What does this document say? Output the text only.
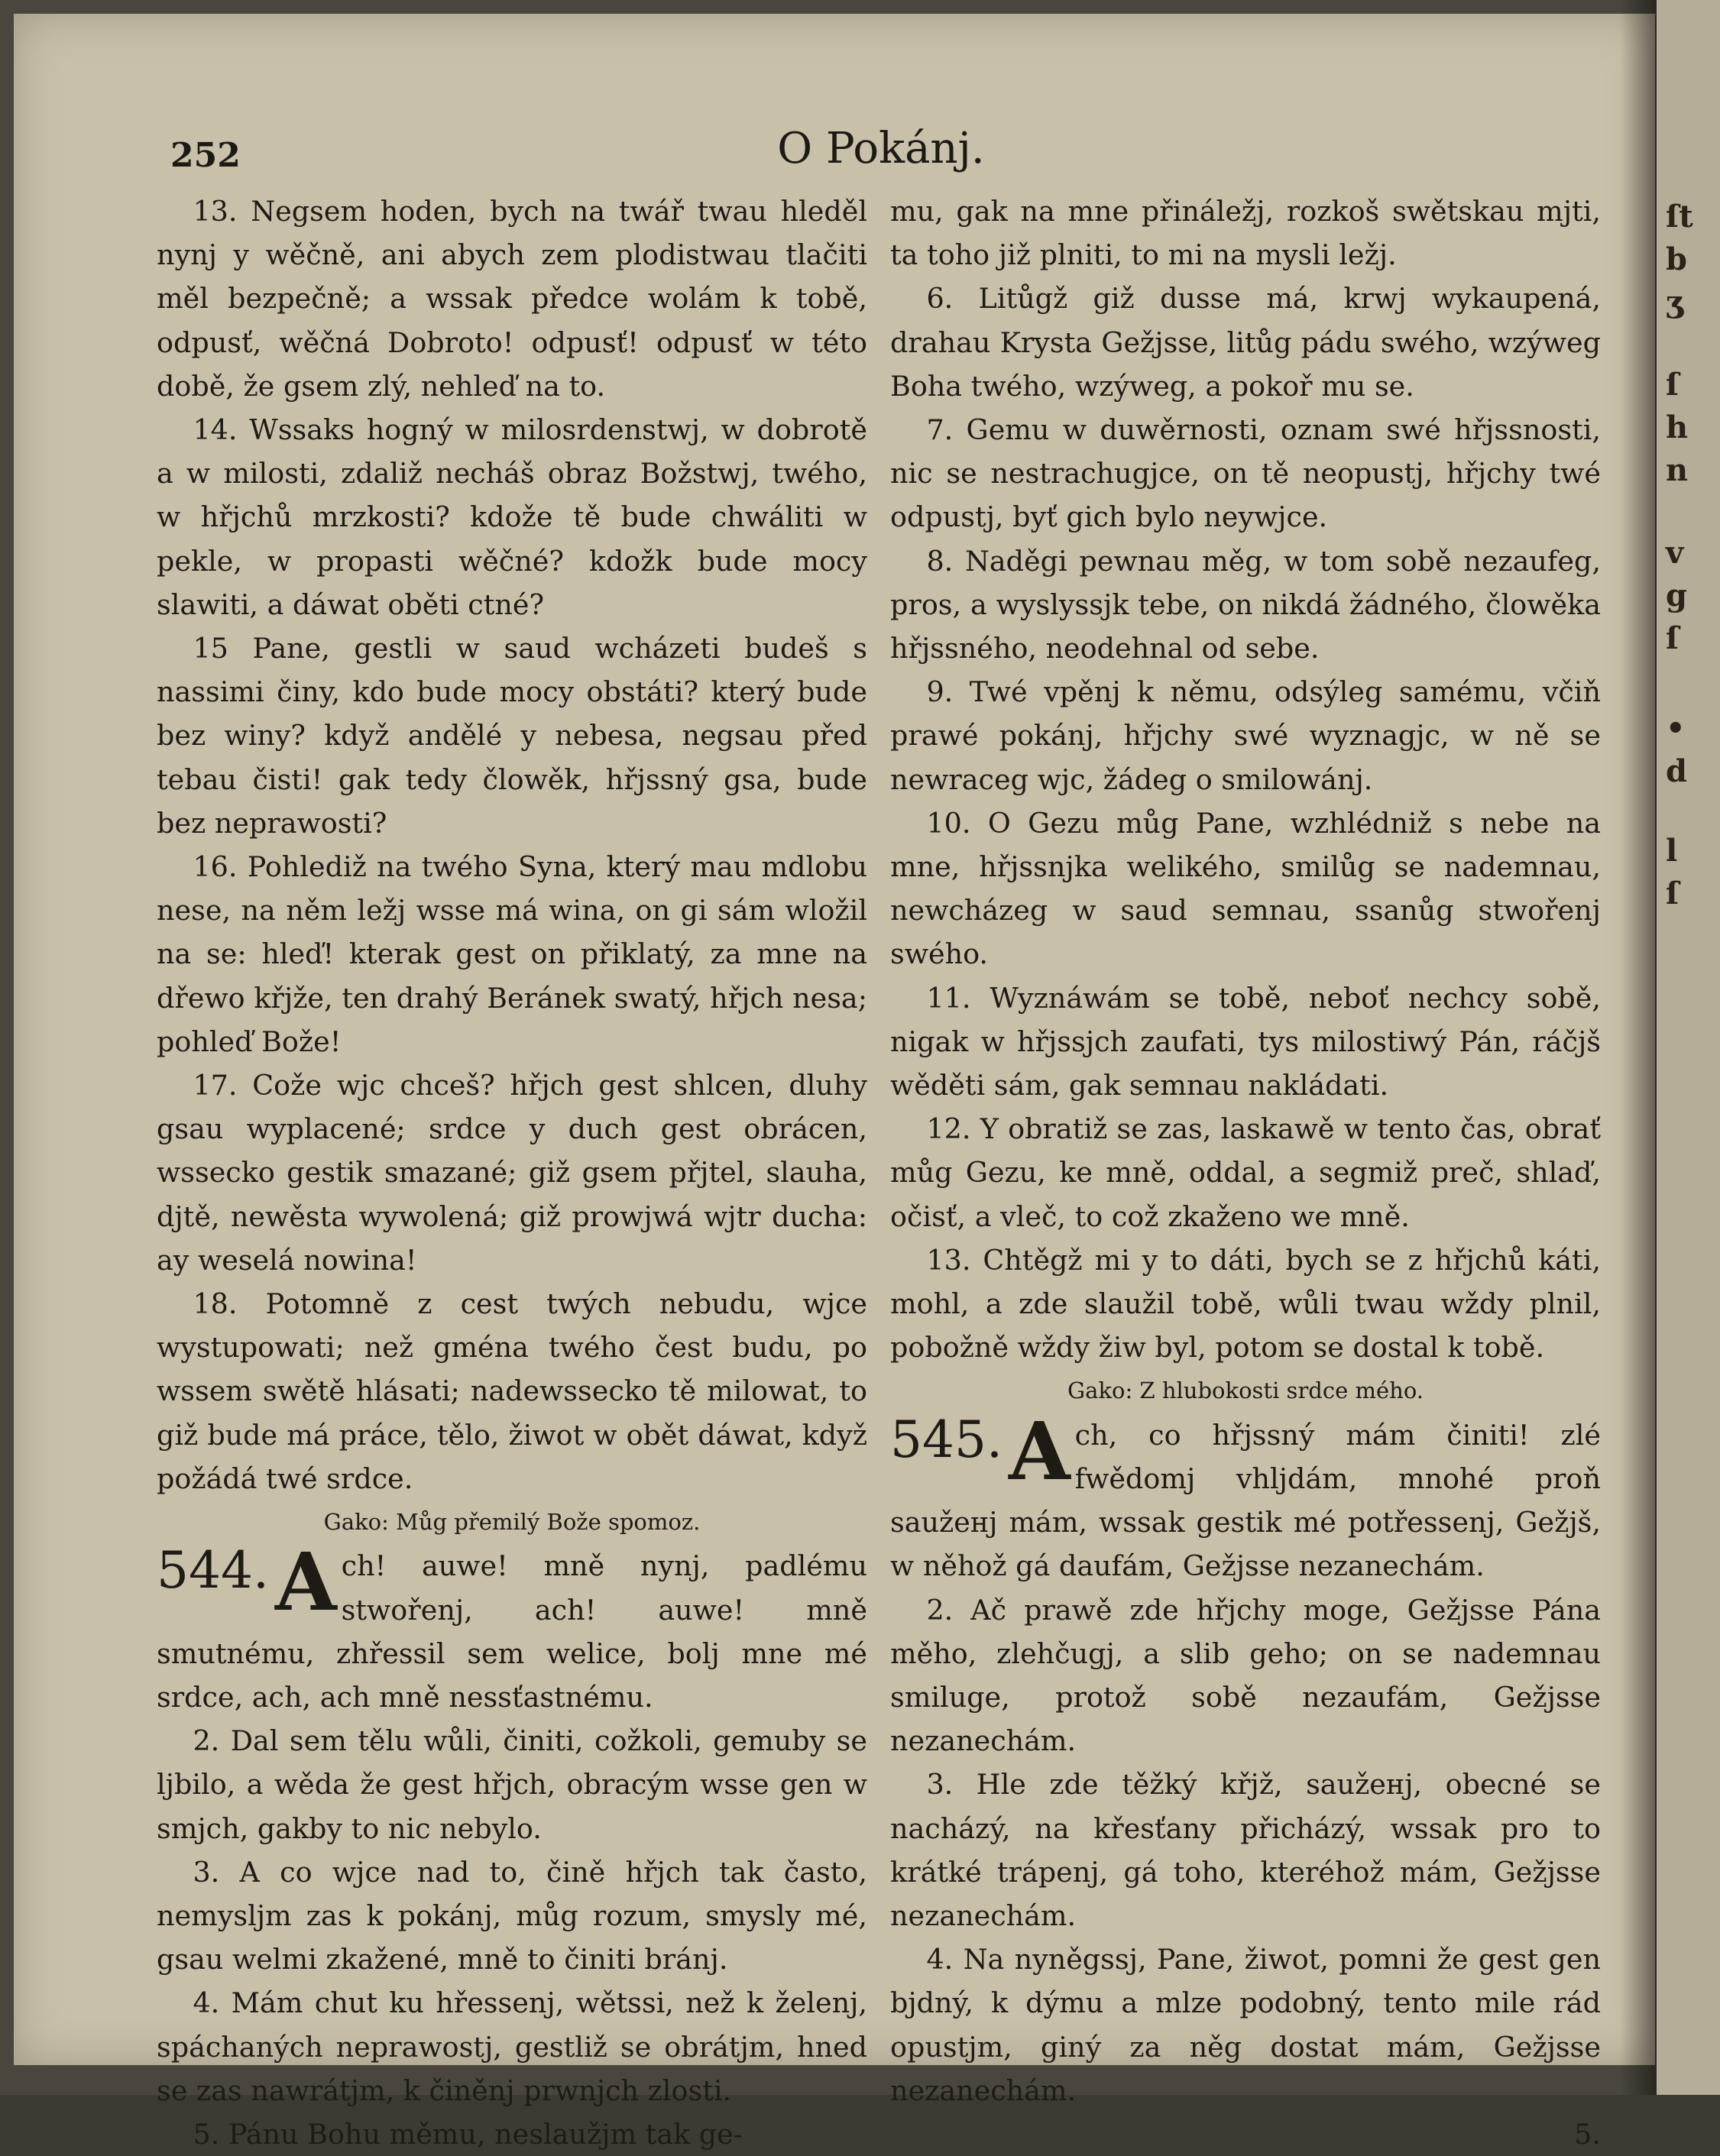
252	O Pokánj.

13. Negsem hoden, bych na twář twau hleděl nynj y wěčně, ani abych zem plodistwau tlačiti měl bezpečně; a wssak předce wolám k tobě, odpusť, wěčná Dobroto! odpusť! odpusť w této době, že gsem zlý, nehleď na to.

14. Wssaks hogný w milosrdenstwj, w dobrotě a w milosti, zdaliž necháš obraz Božstwj, twého, w hřjchů mrzkosti? kdože tě bude chwáliti w pekle, w propasti wěčné? kdožk bude mocy slawiti, a dáwat oběti ctné?

15 Pane, gestli w saud wcházeti budeš s nassimi činy, kdo bude mocy obstáti? který bude bez winy? když andělé y nebesa, negsau před tebau čisti! gak tedy člowěk, hřjssný gsa, bude bez neprawosti?

16. Pohlediž na twého Syna, který mau mdlobu nese, na něm ležj wsse má wina, on gi sám wložil na se: hleď! kterak gest on přiklatý, za mne na dřewo křjže, ten drahý Beránek swatý, hřjch nesa; pohleď Bože!

17. Cože wjc chceš? hřjch gest shlcen, dluhy gsau wyplacené; srdce y duch gest obrácen, wssecko gestik smazané; giž gsem přjtel, slauha, djtě, newěsta wywolená; giž prowjwá wjtr ducha: ay weselá nowina!

18. Potomně z cest twých nebudu, wjce wystupowati; než gména twého čest budu, po wssem swětě hlásati; nadewssecko tě milowat, to giž bude má práce, tělo, žiwot w obět dáwat, když požádá twé srdce.

Gako: Můg přemilý Bože spomoz.

544. A ch! auwe! mně nynj, padlému stwořenj, ach! auwe! mně smutnému, zhřessil sem welice, bolj mne mé srdce, ach, ach mně nessťastnému.

2. Dal sem tělu wůli, činiti, cožkoli, gemuby se ljbilo, a wěda že gest hřjch, obracým wsse gen w smjch, gakby to nic nebylo.

3. A co wjce nad to, čině hřjch tak často, nemyslјm zas k pokánj, můg rozum, smysly mé, gsau welmi zkažené, mně to činiti bránj.

4. Mám chut ku hřessenj, wětssi, než k želenj, spáchaných neprawostj, gestliž se obrátjm, hned se zas nawrátjm, k činěnj prwnjch zlosti.

5. Pánu Bohu měmu, neslaužјm tak ge-

mu, gak na mne přináležj, rozkoš swětskau mjti, ta toho již plniti, to mi na mysli ležj.

6. Litůgž giž dusse má, krwj wykaupená, drahau Krysta Gežjsse, litůg pádu swého, wzýweg Boha twého, wzýweg, a pokoř mu se.

7. Gemu w duwěrnosti, oznam swé hřjssnosti, nic se nestrachugjce, on tě neopustj, hřjchy twé odpustj, byť gich bylo neywjce.

8. Naděgi pewnau měg, w tom sobě nezaufeg, pros, a wyslyssjk tebe, on nikdá žádného, člowěka hřjssného, neodehnal od sebe.

9. Twé vpěnj k němu, odsýleg samému, včiň prawé pokánj, hřjchy swé wyznagjc, w ně se newraceg wjc, žádeg o smilowánj.

10. O Gezu můg Pane, wzhlédniž s nebe na mne, hřjssnjka welikého, smilůg se nademnau, newcházeg w saud semnau, ssanůg stwořenj swého.

11. Wyznáwám se tobě, neboť nechcy sobě, nigak w hřjssjch zaufati, tys milostiwý Pán, ráčjš wěděti sám, gak semnau nakládati.

12. Y obratiž se zas, laskawě w tento čas, obrať můg Gezu, ke mně, oddal, a segmiž preč, shlaď, očisť, a vleč, to což zkaženo we mně.

13. Chtěgž mi y to dáti, bych se z hřjchů káti, mohl, a zde slaužil tobě, wůli twau wždy plnil, pobožně wždy žiw byl, potom se dostal k tobě.

Gako: Z hlubokosti srdce mého.

545. A ch, co hřjssný mám činiti! zlé fwědomj vhljdám, mnohé proň saužенj mám, wssak gestik mé potřessenj, Gežjš, w něhož gá daufám, Gežjsse nezanechám.

2. Ač prawě zde hřjchy moge, Gežjsse Pána měho, zlehčugj, a slib geho; on se nademnau smiluge, protož sobě nezaufám, Gežjsse nezanechám.

3. Hle zde těžký křjž, saužенj, obecné se nacházý, na křesťany přicházý, wssak pro to krátké trápenj, gá toho, kteréhož mám, Gežjsse nezanechám.

4. Na nyněgssj, Pane, žiwot, pomni že gest gen bjdný, k dýmu a mlze podobný, tento mile rád opustjm, giný za něg dostat mám, Gežjsse nezanechám.

5.
ſt
b
ʒ
ſ
h
n
v
g
ſ
•
d
l
ſ
